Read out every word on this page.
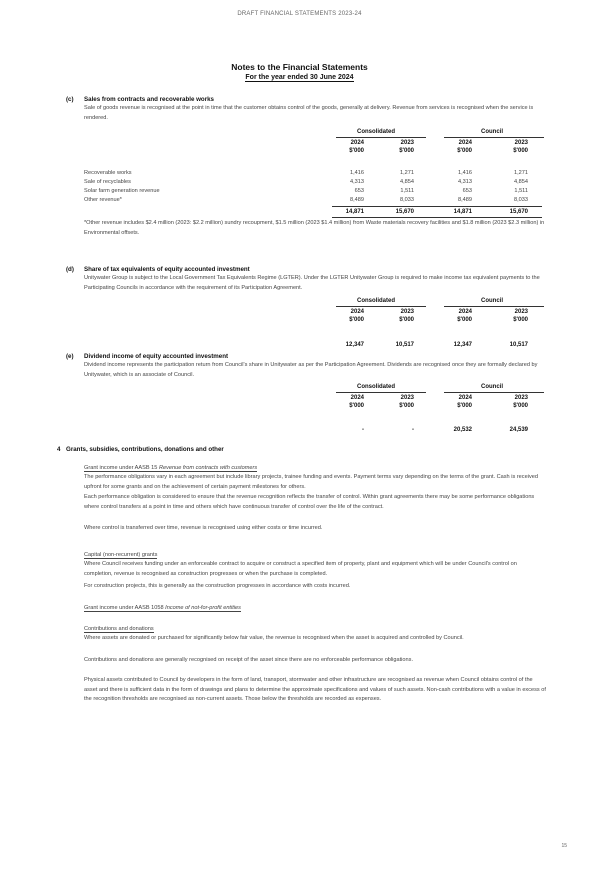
DRAFT FINANCIAL STATEMENTS 2023-24
Notes to the Financial Statements
For the year ended 30 June 2024
(c) Sales from contracts and recoverable works
Sale of goods revenue is recognised at the point in time that the customer obtains control of the goods, generally at delivery. Revenue from services is recognised when the service is rendered.
Consolidated	Council
2024	2023	2024	2023
$'000	$'000	$'000	$'000
Recoverable works	1,416	1,271	1,416	1,271
Sale of recyclables	4,313	4,854	4,313	4,854
Solar farm generation revenue	653	1,511	653	1,511
Other revenue*	8,489	8,033	8,489	8,033
14,871	15,670	14,871	15,670
*Other revenue includes $2.4 million (2023: $2.2 million) sundry recoupment, $1.5 million (2023 $1.4 million) from Waste materials recovery facilities and $1.8 million (2023 $2.3 million) in Environmental offsets.
(d) Share of tax equivalents of equity accounted investment
Unitywater Group is subject to the Local Government Tax Equivalents Regime (LGTER). Under the LGTER Unitywater Group is required to make income tax equivalent payments to the Participating Councils in accordance with the requirement of its Participation Agreement.
Consolidated	Council
2024	2023	2024	2023
$'000	$'000	$'000	$'000
12,347	10,517	12,347	10,517
(e) Dividend income of equity accounted investment
Dividend income represents the participation return from Council's share in Unitywater as per the Participation Agreement. Dividends are recognised once they are formally declared by Unitywater, which is an associate of Council.
Consolidated	Council
2024	2023	2024	2023
$'000	$'000	$'000	$'000
-	-	20,532	24,539
4 Grants, subsidies, contributions, donations and other
Grant income under AASB 15 Revenue from contracts with customers
The performance obligations vary in each agreement but include library projects, trainee funding and events. Payment terms vary depending on the terms of the grant. Cash is received upfront for some grants and on the achievement of certain payment milestones for others.
Each performance obligation is considered to ensure that the revenue recognition reflects the transfer of control. Within grant agreements there may be some performance obligations where control transfers at a point in time and others which have continuous transfer of control over the life of the contract.
Where control is transferred over time, revenue is recognised using either costs or time incurred.
Capital (non-recurrent) grants
Where Council receives funding under an enforceable contract to acquire or construct a specified item of property, plant and equipment which will be under Council's control on completion, revenue is recognised as construction progresses or when the purchase is completed.
For construction projects, this is generally as the construction progresses in accordance with costs incurred.
Grant income under AASB 1058 Income of not-for-profit entities
Contributions and donations
Where assets are donated or purchased for significantly below fair value, the revenue is recognised when the asset is acquired and controlled by Council.
Contributions and donations are generally recognised on receipt of the asset since there are no enforceable performance obligations.
Physical assets contributed to Council by developers in the form of land, transport, stormwater and other infrastructure are recognised as revenue when Council obtains control of the asset and there is sufficient data in the form of drawings and plans to determine the approximate specifications and values of such assets. Non-cash contributions with a value in excess of the recognition thresholds are recognised as non-current assets. Those below the thresholds are recorded as expenses.
15
